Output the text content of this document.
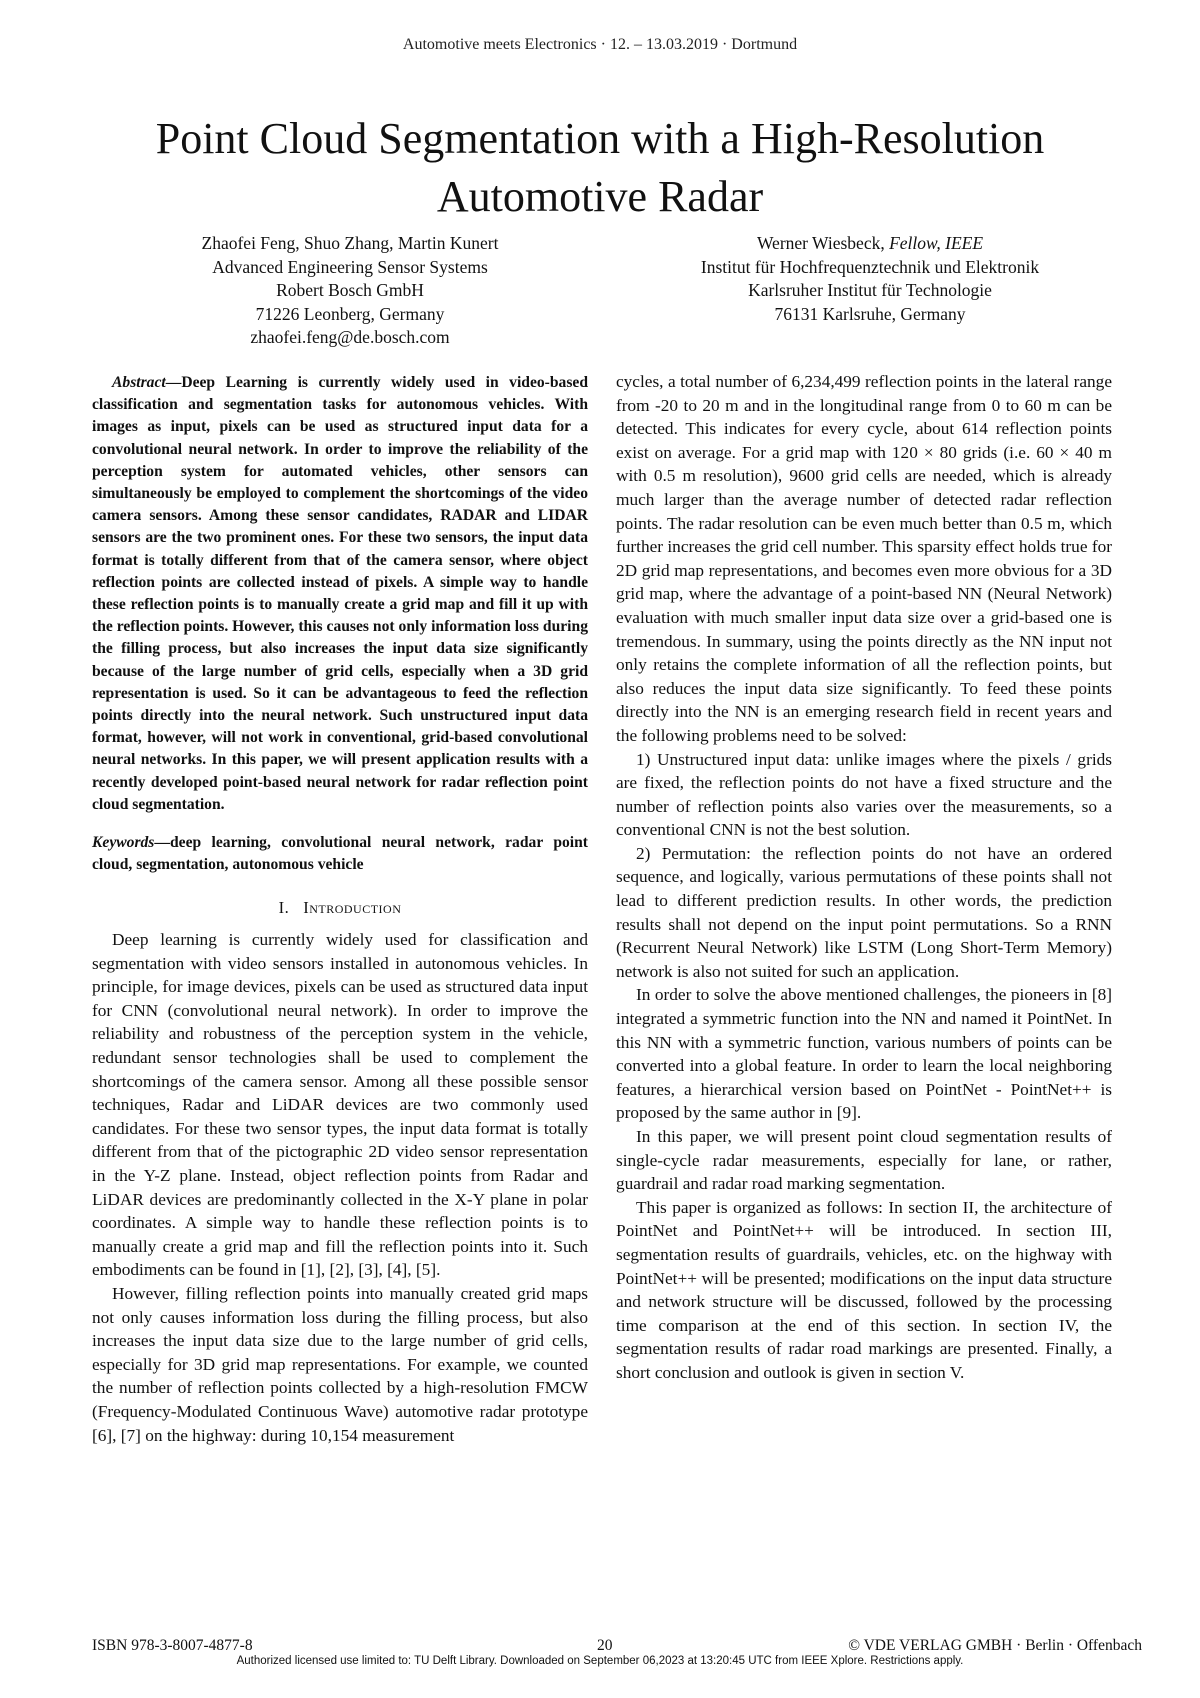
Automotive meets Electronics · 12. – 13.03.2019 · Dortmund
Point Cloud Segmentation with a High-Resolution
Automotive Radar
Zhaofei Feng, Shuo Zhang, Martin Kunert
Advanced Engineering Sensor Systems
Robert Bosch GmbH
71226 Leonberg, Germany
zhaofei.feng@de.bosch.com
Werner Wiesbeck, Fellow, IEEE
Institut für Hochfrequenztechnik und Elektronik
Karlsruher Institut für Technologie
76131 Karlsruhe, Germany

Abstract—Deep Learning is currently widely used in video-based classification and segmentation tasks for autonomous vehicles. With images as input, pixels can be used as structured input data for a convolutional neural network. In order to improve the reliability of the perception system for automated vehicles, other sensors can simultaneously be employed to complement the shortcomings of the video camera sensors. Among these sensor candidates, RADAR and LIDAR sensors are the two prominent ones. For these two sensors, the input data format is totally different from that of the camera sensor, where object reflection points are collected instead of pixels. A simple way to handle these reflection points is to manually create a grid map and fill it up with the reflection points. However, this causes not only information loss during the filling process, but also increases the input data size significantly because of the large number of grid cells, especially when a 3D grid representation is used. So it can be advantageous to feed the reflection points directly into the neural network. Such unstructured input data format, however, will not work in conventional, grid-based convolutional neural networks. In this paper, we will present application results with a recently developed point-based neural network for radar reflection point cloud segmentation.

Keywords—deep learning, convolutional neural network, radar point cloud, segmentation, autonomous vehicle

I. Introduction

Deep learning is currently widely used for classification and segmentation with video sensors installed in autonomous vehicles. In principle, for image devices, pixels can be used as structured data input for CNN (convolutional neural network). In order to improve the reliability and robustness of the perception system in the vehicle, redundant sensor technologies shall be used to complement the shortcomings of the camera sensor. Among all these possible sensor techniques, Radar and LiDAR devices are two commonly used candidates. For these two sensor types, the input data format is totally different from that of the pictographic 2D video sensor representation in the Y-Z plane. Instead, object reflection points from Radar and LiDAR devices are predominantly collected in the X-Y plane in polar coordinates. A simple way to handle these reflection points is to manually create a grid map and fill the reflection points into it. Such embodiments can be found in [1], [2], [3], [4], [5].

However, filling reflection points into manually created grid maps not only causes information loss during the filling process, but also increases the input data size due to the large number of grid cells, especially for 3D grid map representations. For example, we counted the number of reflection points collected by a high-resolution FMCW (Frequency-Modulated Continuous Wave) automotive radar prototype [6], [7] on the highway: during 10,154 measurement

cycles, a total number of 6,234,499 reflection points in the lateral range from -20 to 20 m and in the longitudinal range from 0 to 60 m can be detected. This indicates for every cycle, about 614 reflection points exist on average. For a grid map with 120 × 80 grids (i.e. 60 × 40 m with 0.5 m resolution), 9600 grid cells are needed, which is already much larger than the average number of detected radar reflection points. The radar resolution can be even much better than 0.5 m, which further increases the grid cell number. This sparsity effect holds true for 2D grid map representations, and becomes even more obvious for a 3D grid map, where the advantage of a point-based NN (Neural Network) evaluation with much smaller input data size over a grid-based one is tremendous. In summary, using the points directly as the NN input not only retains the complete information of all the reflection points, but also reduces the input data size significantly. To feed these points directly into the NN is an emerging research field in recent years and the following problems need to be solved:

1) Unstructured input data: unlike images where the pixels / grids are fixed, the reflection points do not have a fixed structure and the number of reflection points also varies over the measurements, so a conventional CNN is not the best solution.

2) Permutation: the reflection points do not have an ordered sequence, and logically, various permutations of these points shall not lead to different prediction results. In other words, the prediction results shall not depend on the input point permutations. So a RNN (Recurrent Neural Network) like LSTM (Long Short-Term Memory) network is also not suited for such an application.

In order to solve the above mentioned challenges, the pioneers in [8] integrated a symmetric function into the NN and named it PointNet. In this NN with a symmetric function, various numbers of points can be converted into a global feature. In order to learn the local neighboring features, a hierarchical version based on PointNet - PointNet++ is proposed by the same author in [9].

In this paper, we will present point cloud segmentation results of single-cycle radar measurements, especially for lane, or rather, guardrail and radar road marking segmentation.

This paper is organized as follows: In section II, the architecture of PointNet and PointNet++ will be introduced. In section III, segmentation results of guardrails, vehicles, etc. on the highway with PointNet++ will be presented; modifications on the input data structure and network structure will be discussed, followed by the processing time comparison at the end of this section. In section IV, the segmentation results of radar road markings are presented. Finally, a short conclusion and outlook is given in section V.

ISBN 978-3-8007-4877-8	20	© VDE VERLAG GMBH · Berlin · Offenbach
Authorized licensed use limited to: TU Delft Library. Downloaded on September 06,2023 at 13:20:45 UTC from IEEE Xplore. Restrictions apply.
